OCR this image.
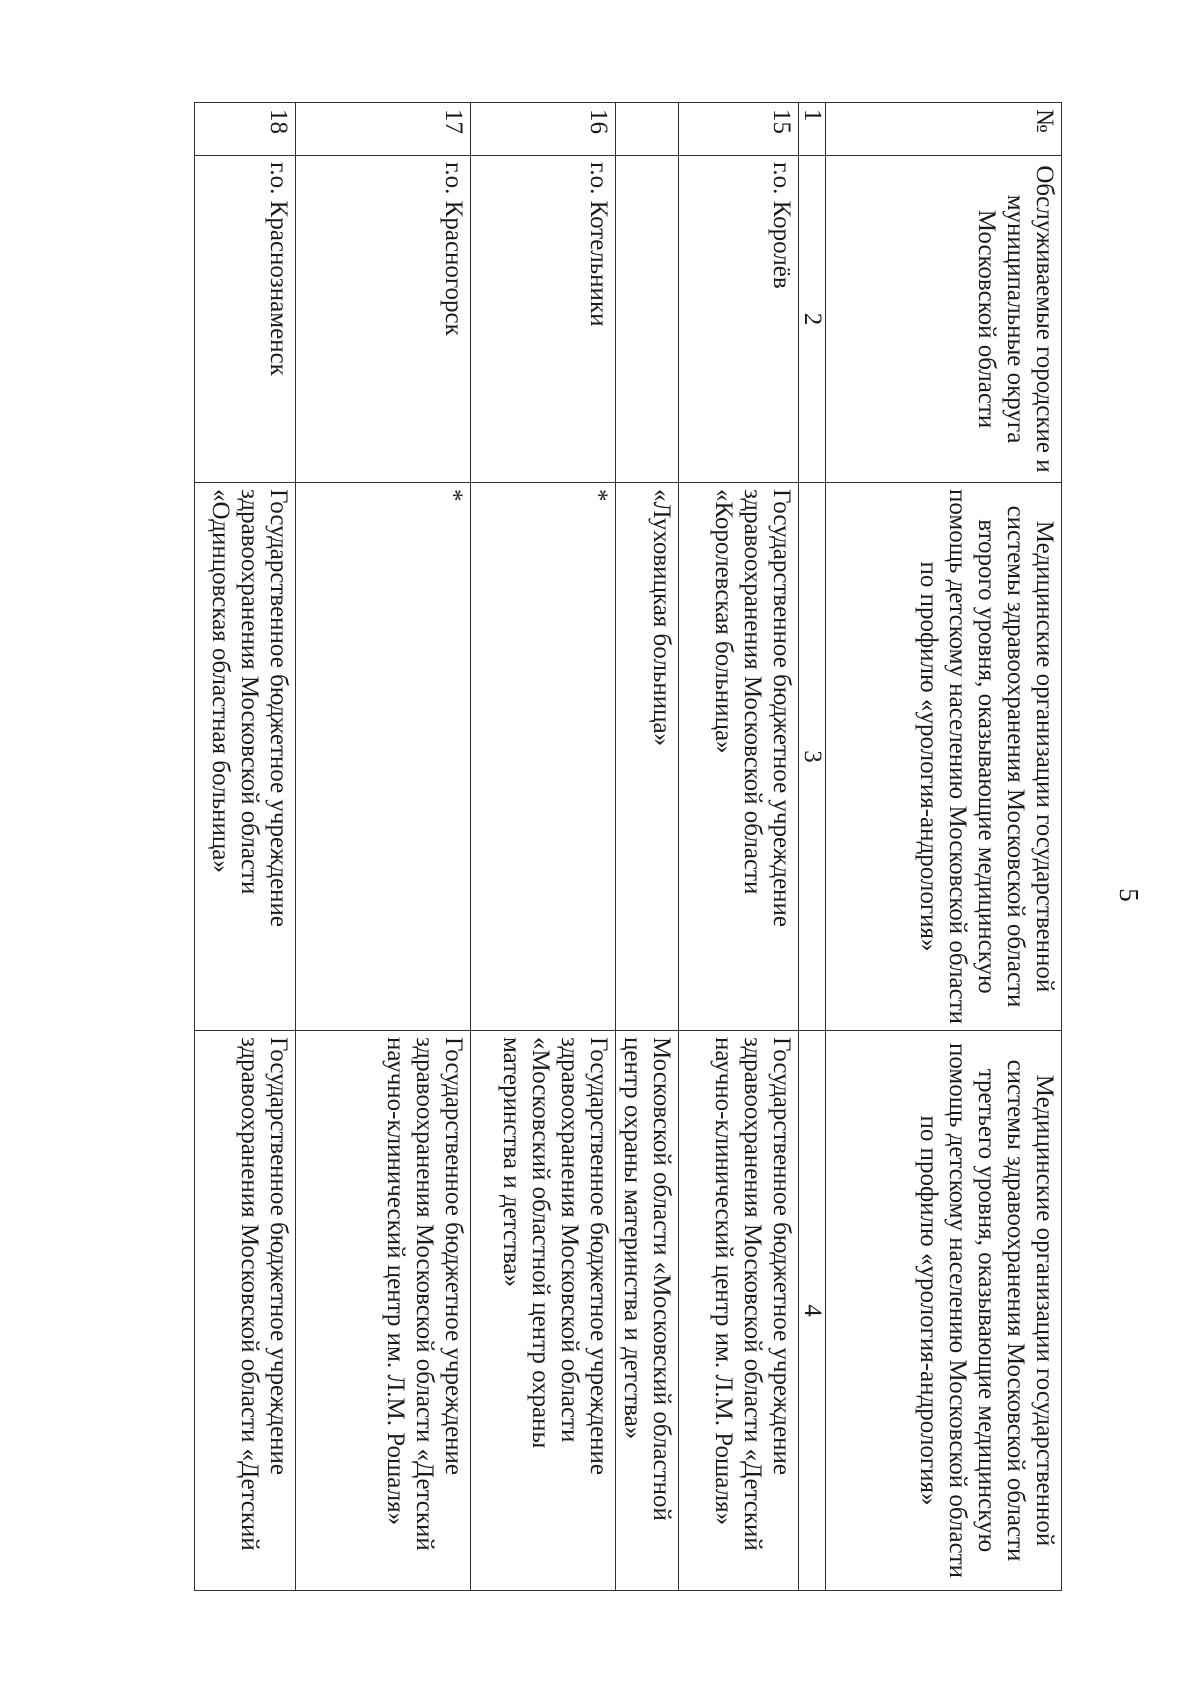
5
№	Обслуживаемые городские и муниципальные округа Московской области	Медицинские организации государственной системы здравоохранения Московской области второго уровня, оказывающие медицинскую помощь детскому населению Московской области по профилю «урология-андрология»	Медицинские организации государственной системы здравоохранения Московской области третьего уровня, оказывающие медицинскую помощь детскому населению Московской области по профилю «урология-андрология»
1	2	3	4
15	г.о. Королёв	Государственное бюджетное учреждение здравоохранения Московской области «Королевская больница»	Государственное бюджетное учреждение здравоохранения Московской области «Детский научно-клинический центр им. Л.М. Рошаля»
		«Луховицкая больница»	Московской области «Московский областной центр охраны материнства и детства»
16	г.о. Котельники	*	Государственное бюджетное учреждение здравоохранения Московской области «Московский областной центр охраны материнства и детства»
17	г.о. Красногорск	*	Государственное бюджетное учреждение здравоохранения Московской области «Детский научно-клинический центр им. Л.М. Рошаля»
18	г.о. Краснознаменск	Государственное бюджетное учреждение здравоохранения Московской области «Одинцовская областная больница»	Государственное бюджетное учреждение здравоохранения Московской области «Детский
